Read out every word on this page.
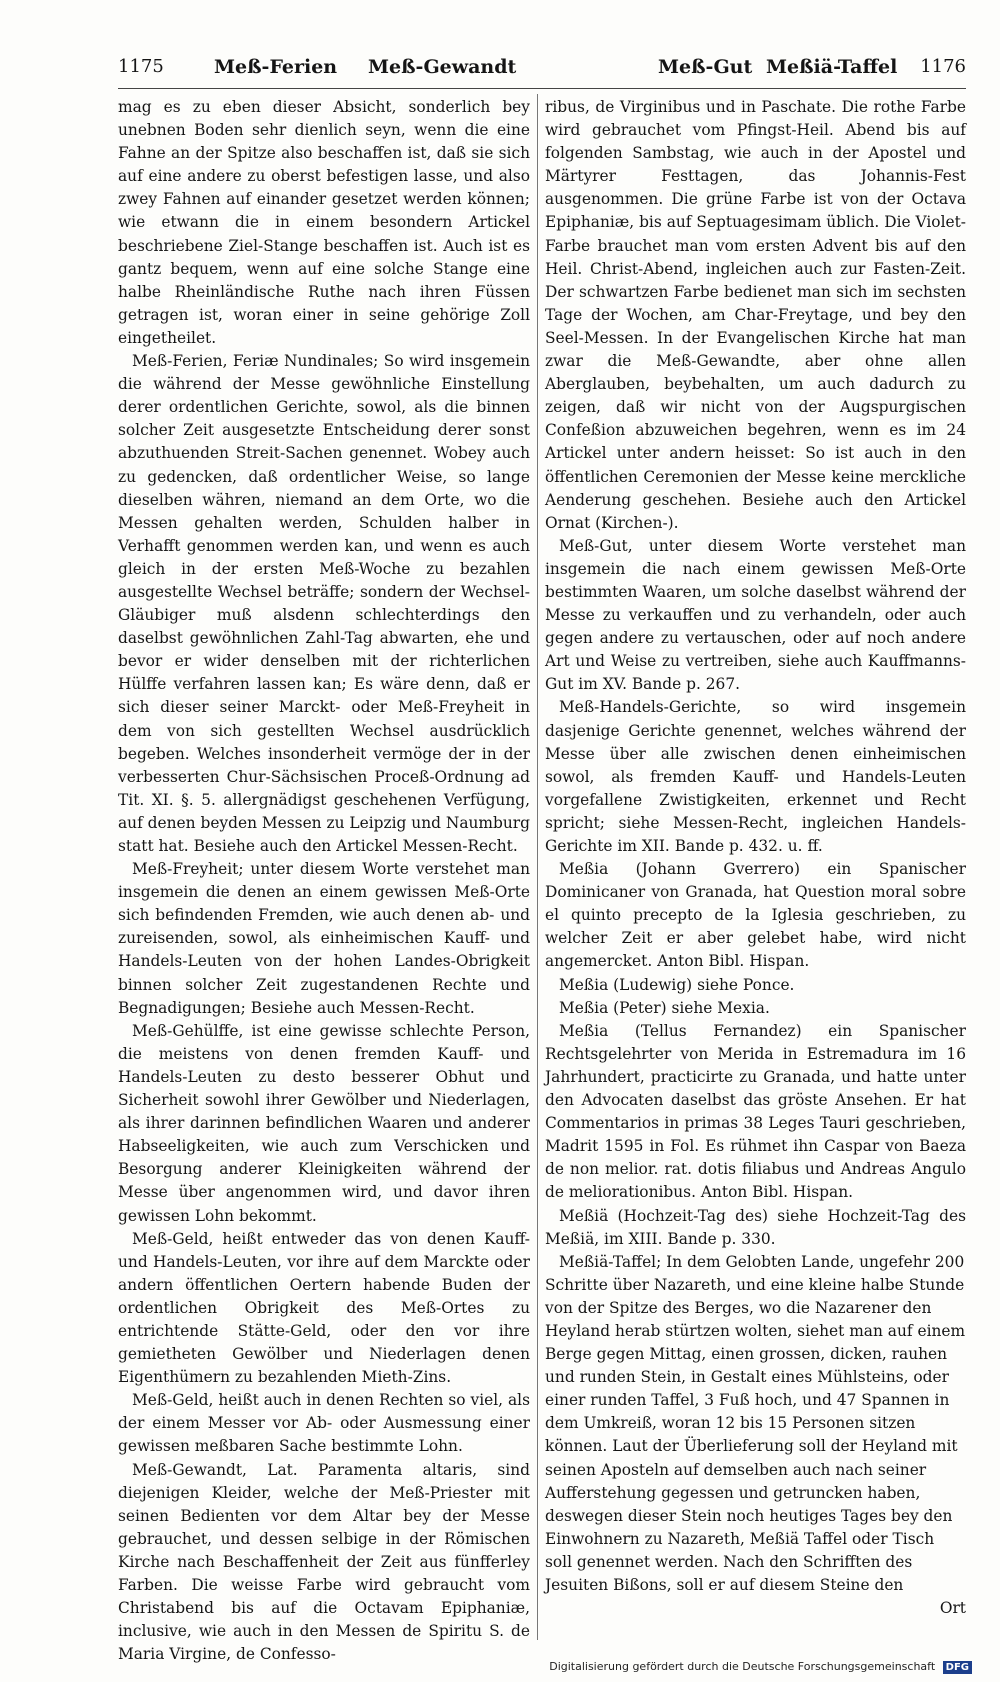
1175	Meß-Ferien Meß-Gewandt	Meß-Gut Meßiä-Taffel 1176

mag es zu eben dieser Absicht, sonderlich bey unebnen Boden sehr dienlich seyn, wenn die eine Fahne an der Spitze also beschaffen ist, daß sie sich auf eine andere zu oberst befestigen lasse, und also zwey Fahnen auf einander gesetzet werden können; wie etwann die in einem besondern Artickel beschriebene Ziel-Stange beschaffen ist. Auch ist es gantz bequem, wenn auf eine solche Stange eine halbe Rheinländische Ruthe nach ihren Füssen getragen ist, woran einer in seine gehörige Zoll eingetheilet.

Meß-Ferien, Feriæ Nundinales; So wird insgemein die während der Messe gewöhnliche Einstellung derer ordentlichen Gerichte, sowol, als die binnen solcher Zeit ausgesetzte Entscheidung derer sonst abzuthuenden Streit-Sachen genennet. Wobey auch zu gedencken, daß ordentlicher Weise, so lange dieselben währen, niemand an dem Orte, wo die Messen gehalten werden, Schulden halber in Verhafft genommen werden kan, und wenn es auch gleich in der ersten Meß-Woche zu bezahlen ausgestellte Wechsel beträffe; sondern der Wechsel-Gläubiger muß alsdenn schlechterdings den daselbst gewöhnlichen Zahl-Tag abwarten, ehe und bevor er wider denselben mit der richterlichen Hülffe verfahren lassen kan; Es wäre denn, daß er sich dieser seiner Marckt- oder Meß-Freyheit in dem von sich gestellten Wechsel ausdrücklich begeben. Welches insonderheit vermöge der in der verbesserten Chur-Sächsischen Proceß-Ordnung ad Tit. XI. §. 5. allergnädigst geschehenen Verfügung, auf denen beyden Messen zu Leipzig und Naumburg statt hat. Besiehe auch den Artickel Messen-Recht.

Meß-Freyheit; unter diesem Worte verstehet man insgemein die denen an einem gewissen Meß-Orte sich befindenden Fremden, wie auch denen ab- und zureisenden, sowol, als einheimischen Kauff- und Handels-Leuten von der hohen Landes-Obrigkeit binnen solcher Zeit zugestandenen Rechte und Begnadigungen; Besiehe auch Messen-Recht.

Meß-Gehülffe, ist eine gewisse schlechte Person, die meistens von denen fremden Kauff- und Handels-Leuten zu desto besserer Obhut und Sicherheit sowohl ihrer Gewölber und Niederlagen, als ihrer darinnen befindlichen Waaren und anderer Habseeligkeiten, wie auch zum Verschicken und Besorgung anderer Kleinigkeiten während der Messe über angenommen wird, und davor ihren gewissen Lohn bekommt.

Meß-Geld, heißt entweder das von denen Kauff- und Handels-Leuten, vor ihre auf dem Marckte oder andern öffentlichen Oertern habende Buden der ordentlichen Obrigkeit des Meß-Ortes zu entrichtende Stätte-Geld, oder den vor ihre gemietheten Gewölber und Niederlagen denen Eigenthümern zu bezahlenden Mieth-Zins.

Meß-Geld, heißt auch in denen Rechten so viel, als der einem Messer vor Ab- oder Ausmessung einer gewissen meßbaren Sache bestimmte Lohn.

Meß-Gewandt, Lat. Paramenta altaris, sind diejenigen Kleider, welche der Meß-Priester mit seinen Bedienten vor dem Altar bey der Messe gebrauchet, und dessen selbige in der Römischen Kirche nach Beschaffenheit der Zeit aus fünfferley Farben. Die weisse Farbe wird gebraucht vom Christabend bis auf die Octavam Epiphaniæ, inclusive, wie auch in den Messen de Spiritu S. de Maria Virgine, de Confesso-

ribus, de Virginibus und in Paschate. Die rothe Farbe wird gebrauchet vom Pfingst-Heil. Abend bis auf folgenden Sambstag, wie auch in der Apostel und Märtyrer Festtagen, das Johannis-Fest ausgenommen. Die grüne Farbe ist von der Octava Epiphaniæ, bis auf Septuagesimam üblich. Die Violet-Farbe brauchet man vom ersten Advent bis auf den Heil. Christ-Abend, ingleichen auch zur Fasten-Zeit. Der schwartzen Farbe bedienet man sich im sechsten Tage der Wochen, am Char-Freytage, und bey den Seel-Messen. In der Evangelischen Kirche hat man zwar die Meß-Gewandte, aber ohne allen Aberglauben, beybehalten, um auch dadurch zu zeigen, daß wir nicht von der Augspurgischen Confeßion abzuweichen begehren, wenn es im 24 Artickel unter andern heisset: So ist auch in den öffentlichen Ceremonien der Messe keine merckliche Aenderung geschehen. Besiehe auch den Artickel Ornat (Kirchen-).

Meß-Gut, unter diesem Worte verstehet man insgemein die nach einem gewissen Meß-Orte bestimmten Waaren, um solche daselbst während der Messe zu verkauffen und zu verhandeln, oder auch gegen andere zu vertauschen, oder auf noch andere Art und Weise zu vertreiben, siehe auch Kauffmanns-Gut im XV. Bande p. 267.

Meß-Handels-Gerichte, so wird insgemein dasjenige Gerichte genennet, welches während der Messe über alle zwischen denen einheimischen sowol, als fremden Kauff- und Handels-Leuten vorgefallene Zwistigkeiten, erkennet und Recht spricht; siehe Messen-Recht, ingleichen Handels-Gerichte im XII. Bande p. 432. u. ff.

Meßia (Johann Gverrero) ein Spanischer Dominicaner von Granada, hat Question moral sobre el quinto precepto de la Iglesia geschrieben, zu welcher Zeit er aber gelebet habe, wird nicht angemercket. Anton Bibl. Hispan.

Meßia (Ludewig) siehe Ponce.

Meßia (Peter) siehe Mexia.

Meßia (Tellus Fernandez) ein Spanischer Rechtsgelehrter von Merida in Estremadura im 16 Jahrhundert, practicirte zu Granada, und hatte unter den Advocaten daselbst das gröste Ansehen. Er hat Commentarios in primas 38 Leges Tauri geschrieben, Madrit 1595 in Fol. Es rühmet ihn Caspar von Baeza de non melior. rat. dotis filiabus und Andreas Angulo de meliorationibus. Anton Bibl. Hispan.

Meßiä (Hochzeit-Tag des) siehe Hochzeit-Tag des Meßiä, im XIII. Bande p. 330.

Meßiä-Taffel; In dem Gelobten Lande, ungefehr 200 Schritte über Nazareth, und eine kleine halbe Stunde von der Spitze des Berges, wo die Nazarener den Heyland herab stürtzen wolten, siehet man auf einem Berge gegen Mittag, einen grossen, dicken, rauhen und runden Stein, in Gestalt eines Mühlsteins, oder einer runden Taffel, 3 Fuß hoch, und 47 Spannen in dem Umkreiß, woran 12 bis 15 Personen sitzen können. Laut der Überlieferung soll der Heyland mit seinen Aposteln auf demselben auch nach seiner Aufferstehung gegessen und getruncken haben, deswegen dieser Stein noch heutiges Tages bey den Einwohnern zu Nazareth, Meßiä Taffel oder Tisch soll genennet werden. Nach den Schrifften des Jesuiten Bißons, soll er auf diesem Steine den

Ort

Digitalisierung gefördert durch die Deutsche Forschungsgemeinschaft DFG
